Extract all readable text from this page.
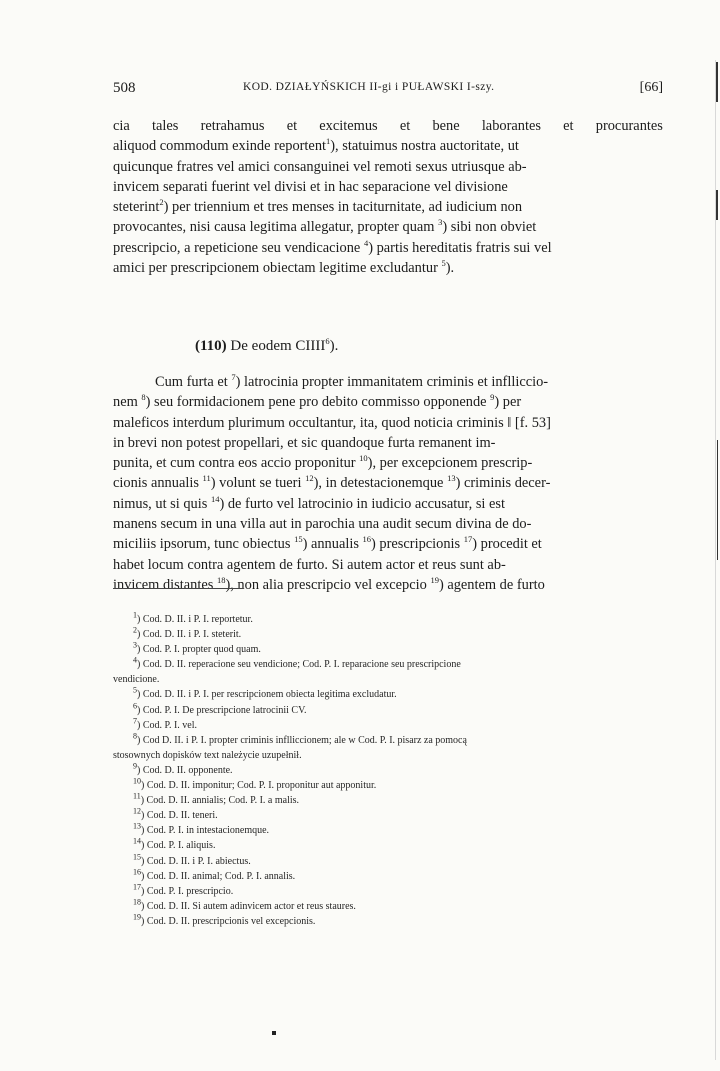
508	KOD. DZIAŁYŃSKICH II-gi i PUŁAWSKI I-szy.	[66]
cia tales retrahamus et excitemus et bene laborantes et procurantes
aliquod commodum exinde reportent$^1$), statuimus nostra auctoritate, ut
quicunque fratres vel amici consanguinei vel remoti sexus utriusque ab-
invicem separati fuerint vel divisi et in hac separacione vel divisione
steterint$^2$) per triennium et tres menses in taciturnitate, ad iudicium non
provocantes, nisi causa legitima allegatur, propter quam $^3$) sibi non obviet
prescripcio, a repeticione seu vendicacione $^4$) partis hereditatis fratris sui vel
amici per prescripcionem obiectam legitime excludantur $^5$).
(110) De eodem CIIII$^6$).
Cum furta et $^7$) latrocinia propter immanitatem criminis et inflliccio-
nem $^8$) seu formidacionem pene pro debito commisso opponende $^9$) per
maleficos interdum plurimum occultantur, ita, quod noticia criminis ‖ [f. 53]
in brevi non potest propellari, et sic quandoque furta remanent im-
punita, et cum contra eos accio proponitur $^{10}$), per excepcionem prescrip-
cionis annualis $^{11}$) volunt se tueri $^{12}$), in detestacionemque $^{13}$) criminis decer-
nimus, ut si quis $^{14}$) de furto vel latrocinio in iudicio accusatur, si est
manens secum in una villa aut in parochia una audit secum divina de do-
miciliis ipsorum, tunc obiectus $^{15}$) annualis $^{16}$) prescripcionis $^{17}$) procedit et
habet locum contra agentem de furto. Si autem actor et reus sunt ab-
invicem distantes $^{18}$), non alia prescripcio vel excepcio $^{19}$) agentem de furto
$^1$) Cod. D. II. i P. I. reportetur.
$^2$) Cod. D. II. i P. I. steterit.
$^3$) Cod. P. I. propter quod quam.
$^4$) Cod. D. II. reperacione seu vendicione; Cod. P. I. reparacione seu prescripcione
vendicione.
$^5$) Cod. D. II. i P. I. per rescripcionem obiecta legitima excludatur.
$^6$) Cod. P. I. De prescripcione latrocinii CV.
$^7$) Cod. P. I. vel.
$^8$) Cod D. II. i P. I. propter criminis inflliccionem; ale w Cod. P. I. pisarz za pomocą
stosownych dopisków text należycie uzupełnił.
$^9$) Cod. D. II. opponente.
$^{10}$) Cod. D. II. imponitur; Cod. P. I. proponitur aut apponitur.
$^{11}$) Cod. D. II. annialis; Cod. P. I. a malis.
$^{12}$) Cod. D. II. teneri.
$^{13}$) Cod. P. I. in intestacionemque.
$^{14}$) Cod. P. I. aliquis.
$^{15}$) Cod. D. II. i P. I. abiectus.
$^{16}$) Cod. D. II. animal; Cod. P. I. annalis.
$^{17}$) Cod. P. I. prescripcio.
$^{18}$) Cod. D. II. Si autem adinvicem actor et reus staures.
$^{19}$) Cod. D. II. prescripcionis vel excepcionis.
